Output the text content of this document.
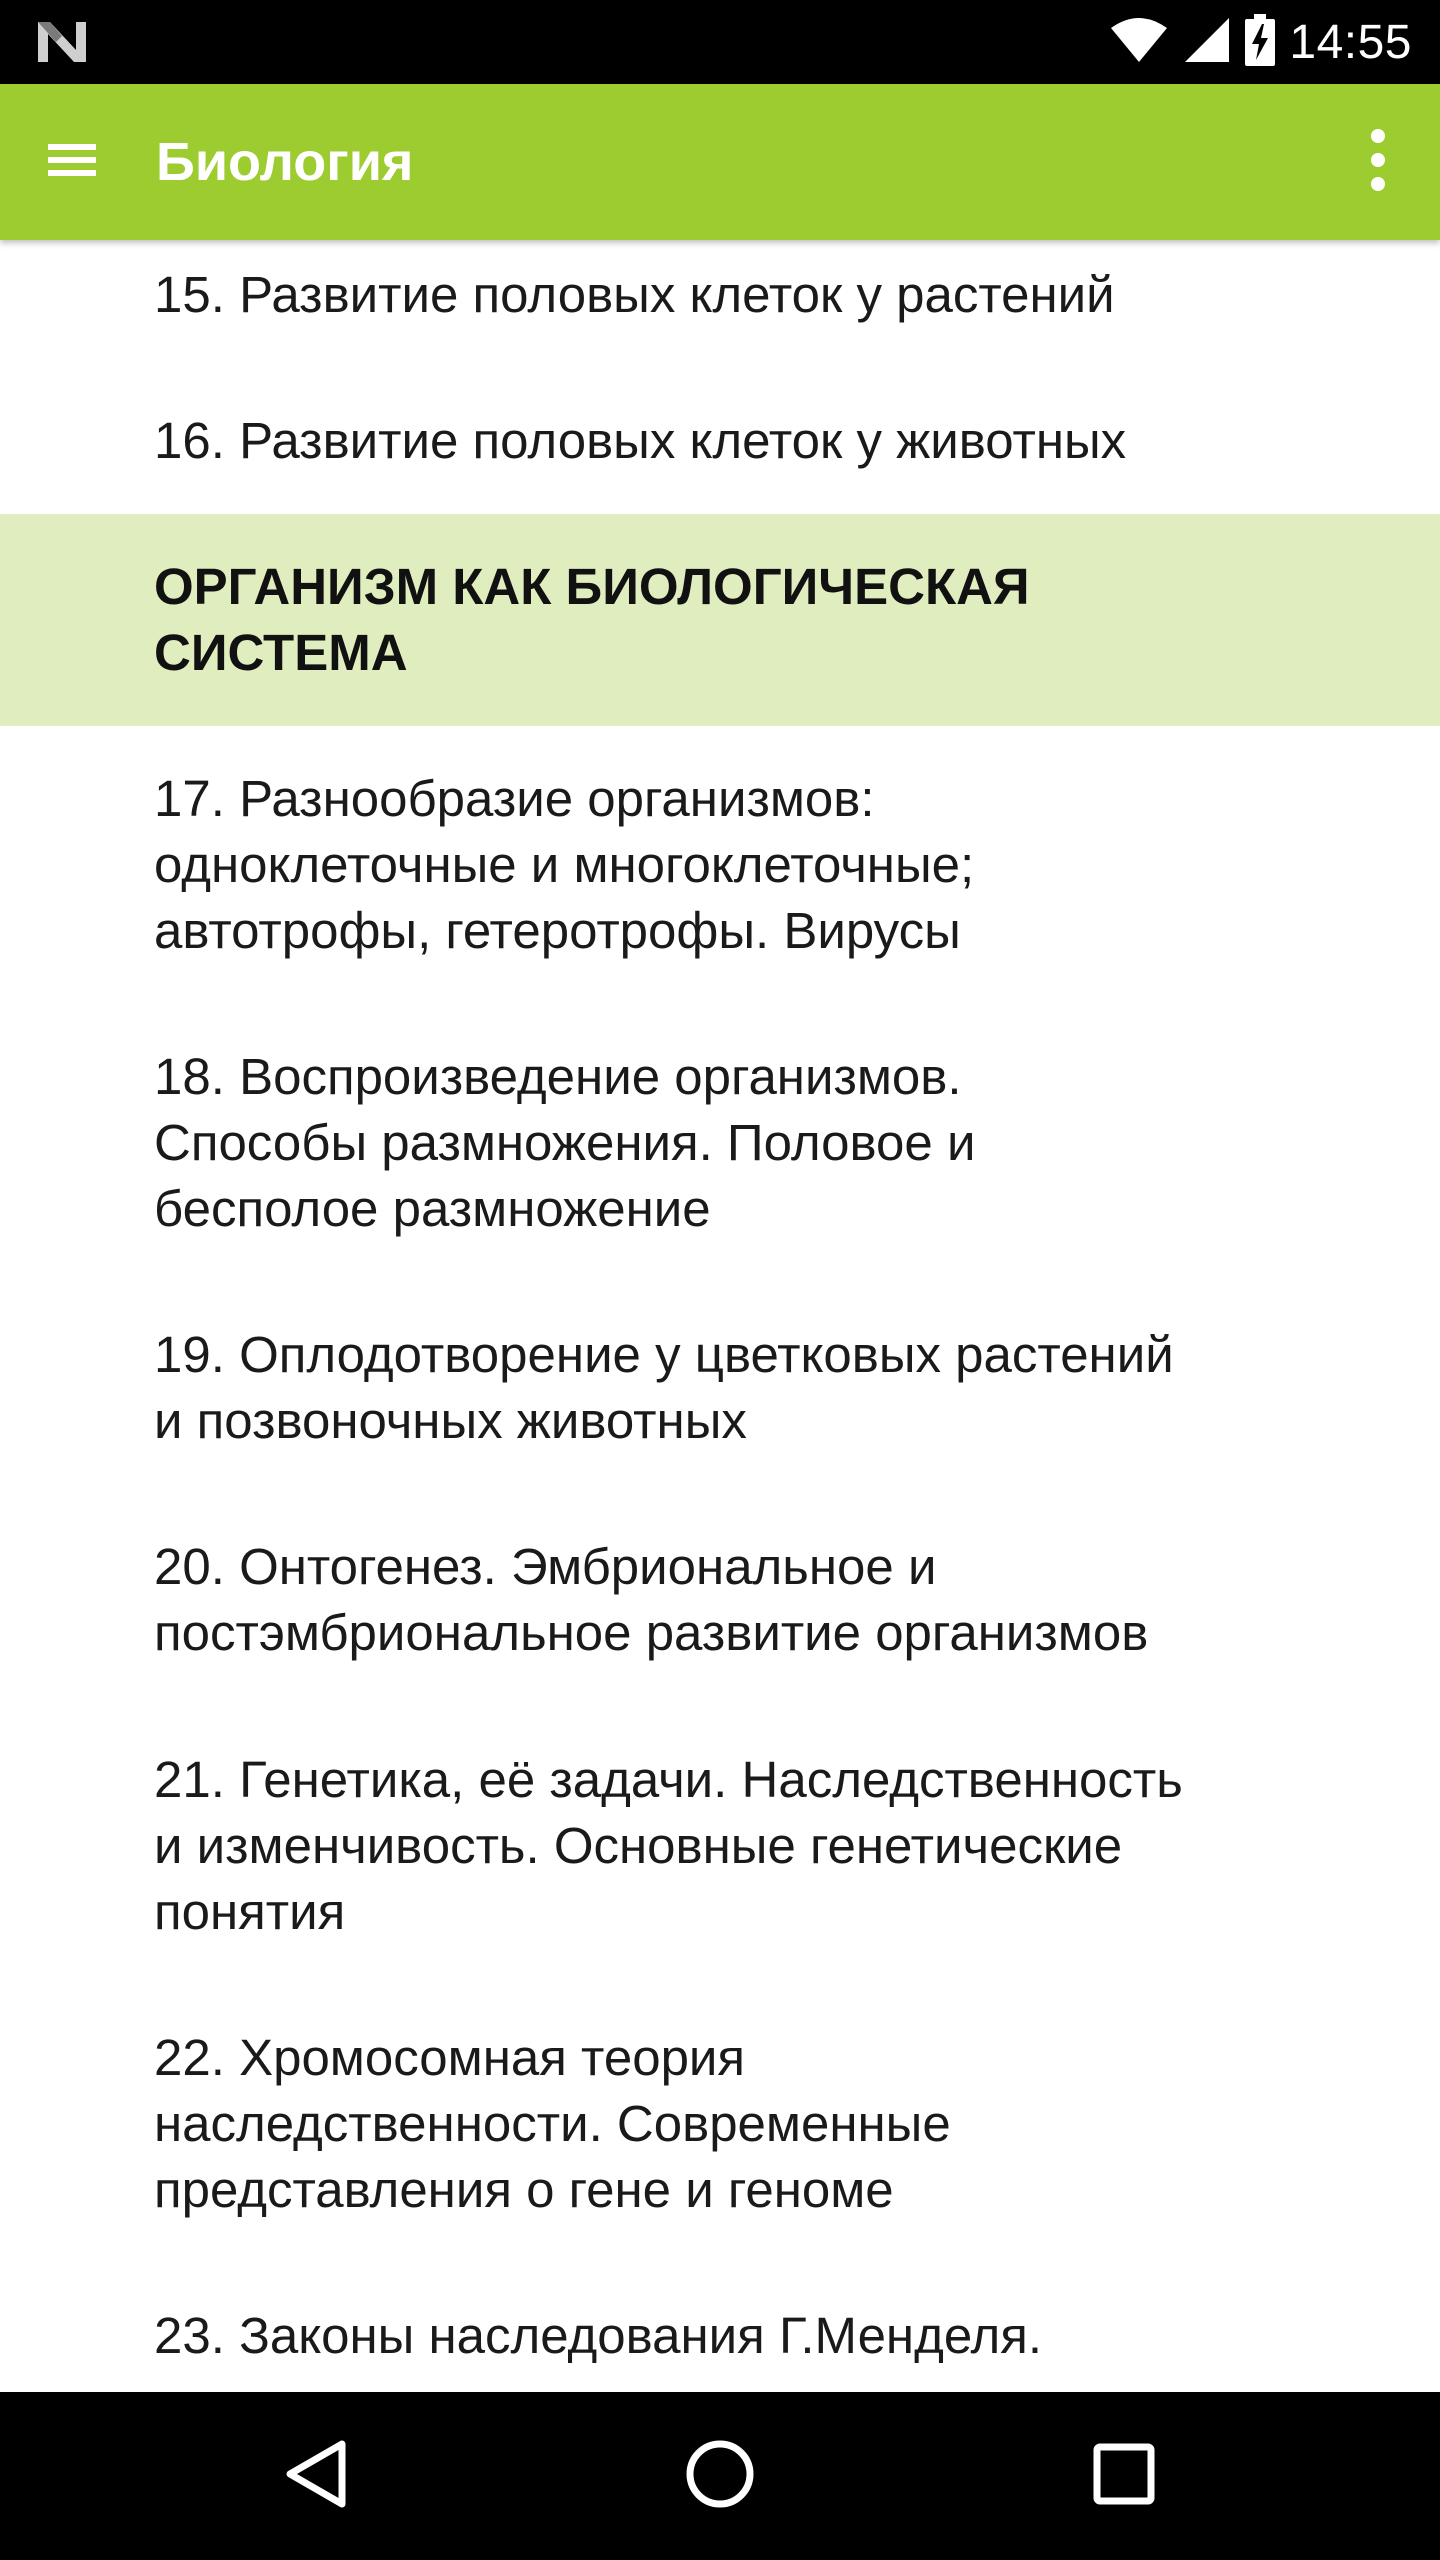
14:55
Биология
15. Развитие половых клеток у растений
16. Развитие половых клеток у животных
ОРГАНИЗМ КАК БИОЛОГИЧЕСКАЯ
СИСТЕМА
17. Разнообразие организмов:
одноклеточные и многоклеточные;
автотрофы, гетеротрофы. Вирусы
18. Воспроизведение организмов.
Способы размножения. Половое и
бесполое размножение
19. Оплодотворение у цветковых растений
и позвоночных животных
20. Онтогенез. Эмбриональное и
постэмбриональное развитие организмов
21. Генетика, её задачи. Наследственность
и изменчивость. Основные генетические
понятия
22. Хромосомная теория
наследственности. Современные
представления о гене и геноме
23. Законы наследования Г.Менделя.
